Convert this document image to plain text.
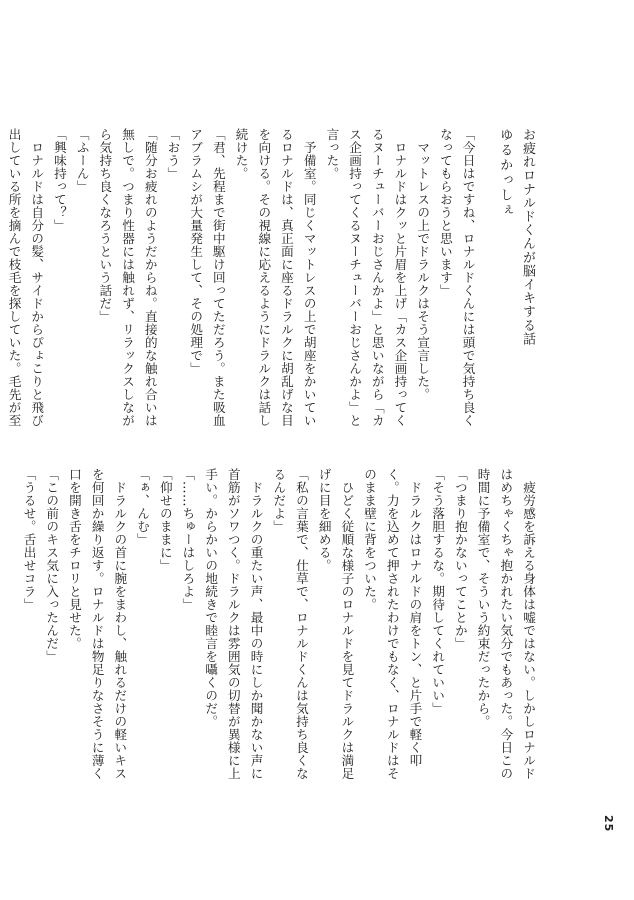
お疲れロナルドくんが脳イキする話
ゆるかっしぇ

「今日はですね、ロナルドくんには頭で気持ち良くなってもらおうと思います」

　マットレスの上でドラルクはそう宣言した。

　ロナルドはクッと片眉を上げ「カス企画持ってくるヌーチューバーおじさんかよ」と思いながら「カス企画持ってくるヌーチューバーおじさんかよ」と言った。

　予備室。同じくマットレスの上で胡座をかいているロナルドは、真正面に座るドラルクに胡乱げな目を向ける。その視線に応えるようにドラルクは話し続けた。

「君、先程まで街中駆け回ってただろう。また吸血アブラムシが大量発生して、その処理で」

「おう」

「随分お疲れのようだからね。直接的な触れ合いは無しで。つまり性器には触れず、リラックスしながら気持ち良くなろうという話だ」

「ふーん」

「興味持って？」

　ロナルドは自分の髪、サイドからぴょこりと飛び出している所を摘んで枝毛を探していた。毛先が至

　疲労感を訴える身体は嘘ではない。しかしロナルドはめちゃくちゃ抱かれたい気分でもあった。今日この時間に予備室で、そういう約束だったから。

「つまり抱かないってことか」

「そう落胆するな。期待してくれていい」

　ドラルクはロナルドの肩をトン、と片手で軽く叩く。力を込めて押されたわけでもなく、ロナルドはそのまま壁に背をついた。

　ひどく従順な様子のロナルドを見てドラルクは満足げに目を細める。

「私の言葉で、仕草で、ロナルドくんは気持ち良くなるんだよ」

　ドラルクの重たい声、最中の時にしか聞かない声に首筋がソワつく。ドラルクは雰囲気の切替が異様に上手い。からかいの地続きで睦言を囁くのだ。

「……ちゅーはしろよ」

「仰せのままに」

「ぁ、んむ」

　ドラルクの首に腕をまわし、触れるだけの軽いキスを何回か繰り返す。ロナルドは物足りなさそうに薄く口を開き舌をチロリと見せた。

「この前のキス気に入ったんだ」

「うるせ。舌出せコラ」

25
